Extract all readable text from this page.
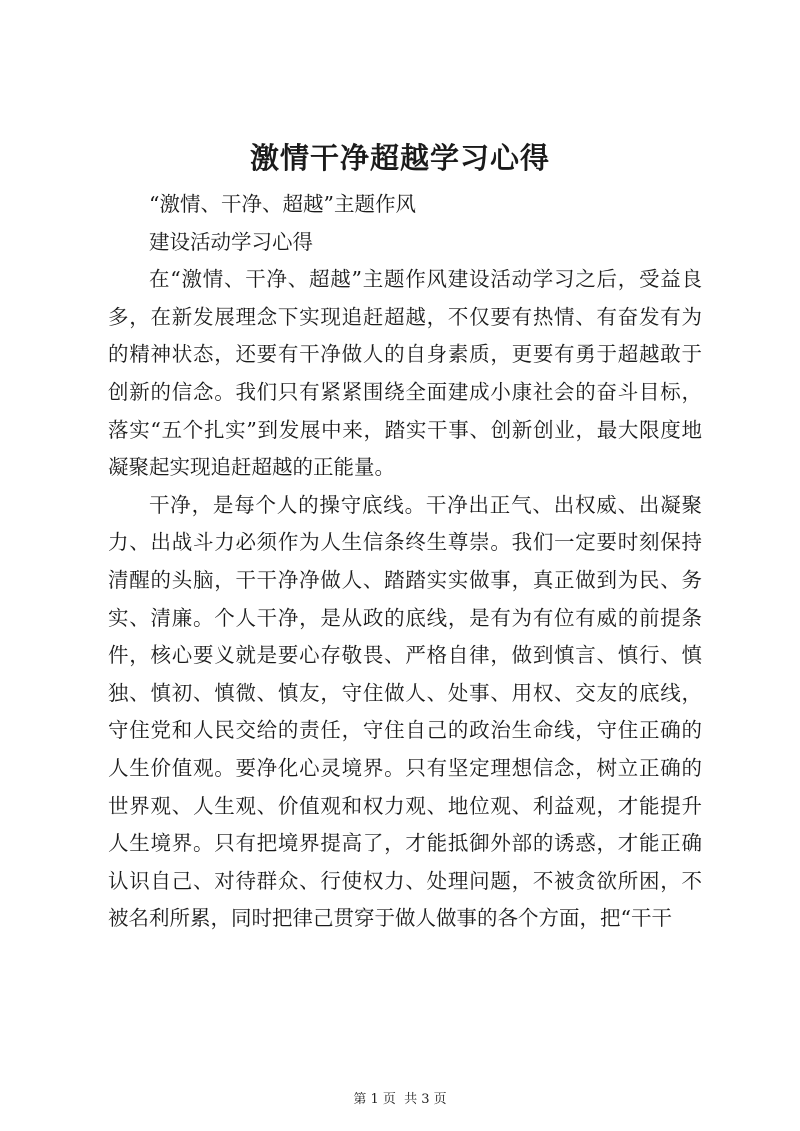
激情干净超越学习心得

“激情、干净、超越”主题作风

建设活动学习心得

在“激情、干净、超越”主题作风建设活动学习之后，受益良多，在新发展理念下实现追赶超越，不仅要有热情、有奋发有为的精神状态，还要有干净做人的自身素质，更要有勇于超越敢于创新的信念。我们只有紧紧围绕全面建成小康社会的奋斗目标，落实“五个扎实”到发展中来，踏实干事、创新创业，最大限度地凝聚起实现追赶超越的正能量。

干净，是每个人的操守底线。干净出正气、出权威、出凝聚力、出战斗力必须作为人生信条终生尊崇。我们一定要时刻保持清醒的头脑，干干净净做人、踏踏实实做事，真正做到为民、务实、清廉。个人干净，是从政的底线，是有为有位有威的前提条件，核心要义就是要心存敬畏、严格自律，做到慎言、慎行、慎独、慎初、慎微、慎友，守住做人、处事、用权、交友的底线，守住党和人民交给的责任，守住自己的政治生命线，守住正确的人生价值观。要净化心灵境界。只有坚定理想信念，树立正确的世界观、人生观、价值观和权力观、地位观、利益观，才能提升人生境界。只有把境界提高了，才能抵御外部的诱惑，才能正确认识自己、对待群众、行使权力、处理问题，不被贪欲所困，不被名利所累，同时把律己贯穿于做人做事的各个方面，把“干干

第 1 页  共 3 页
